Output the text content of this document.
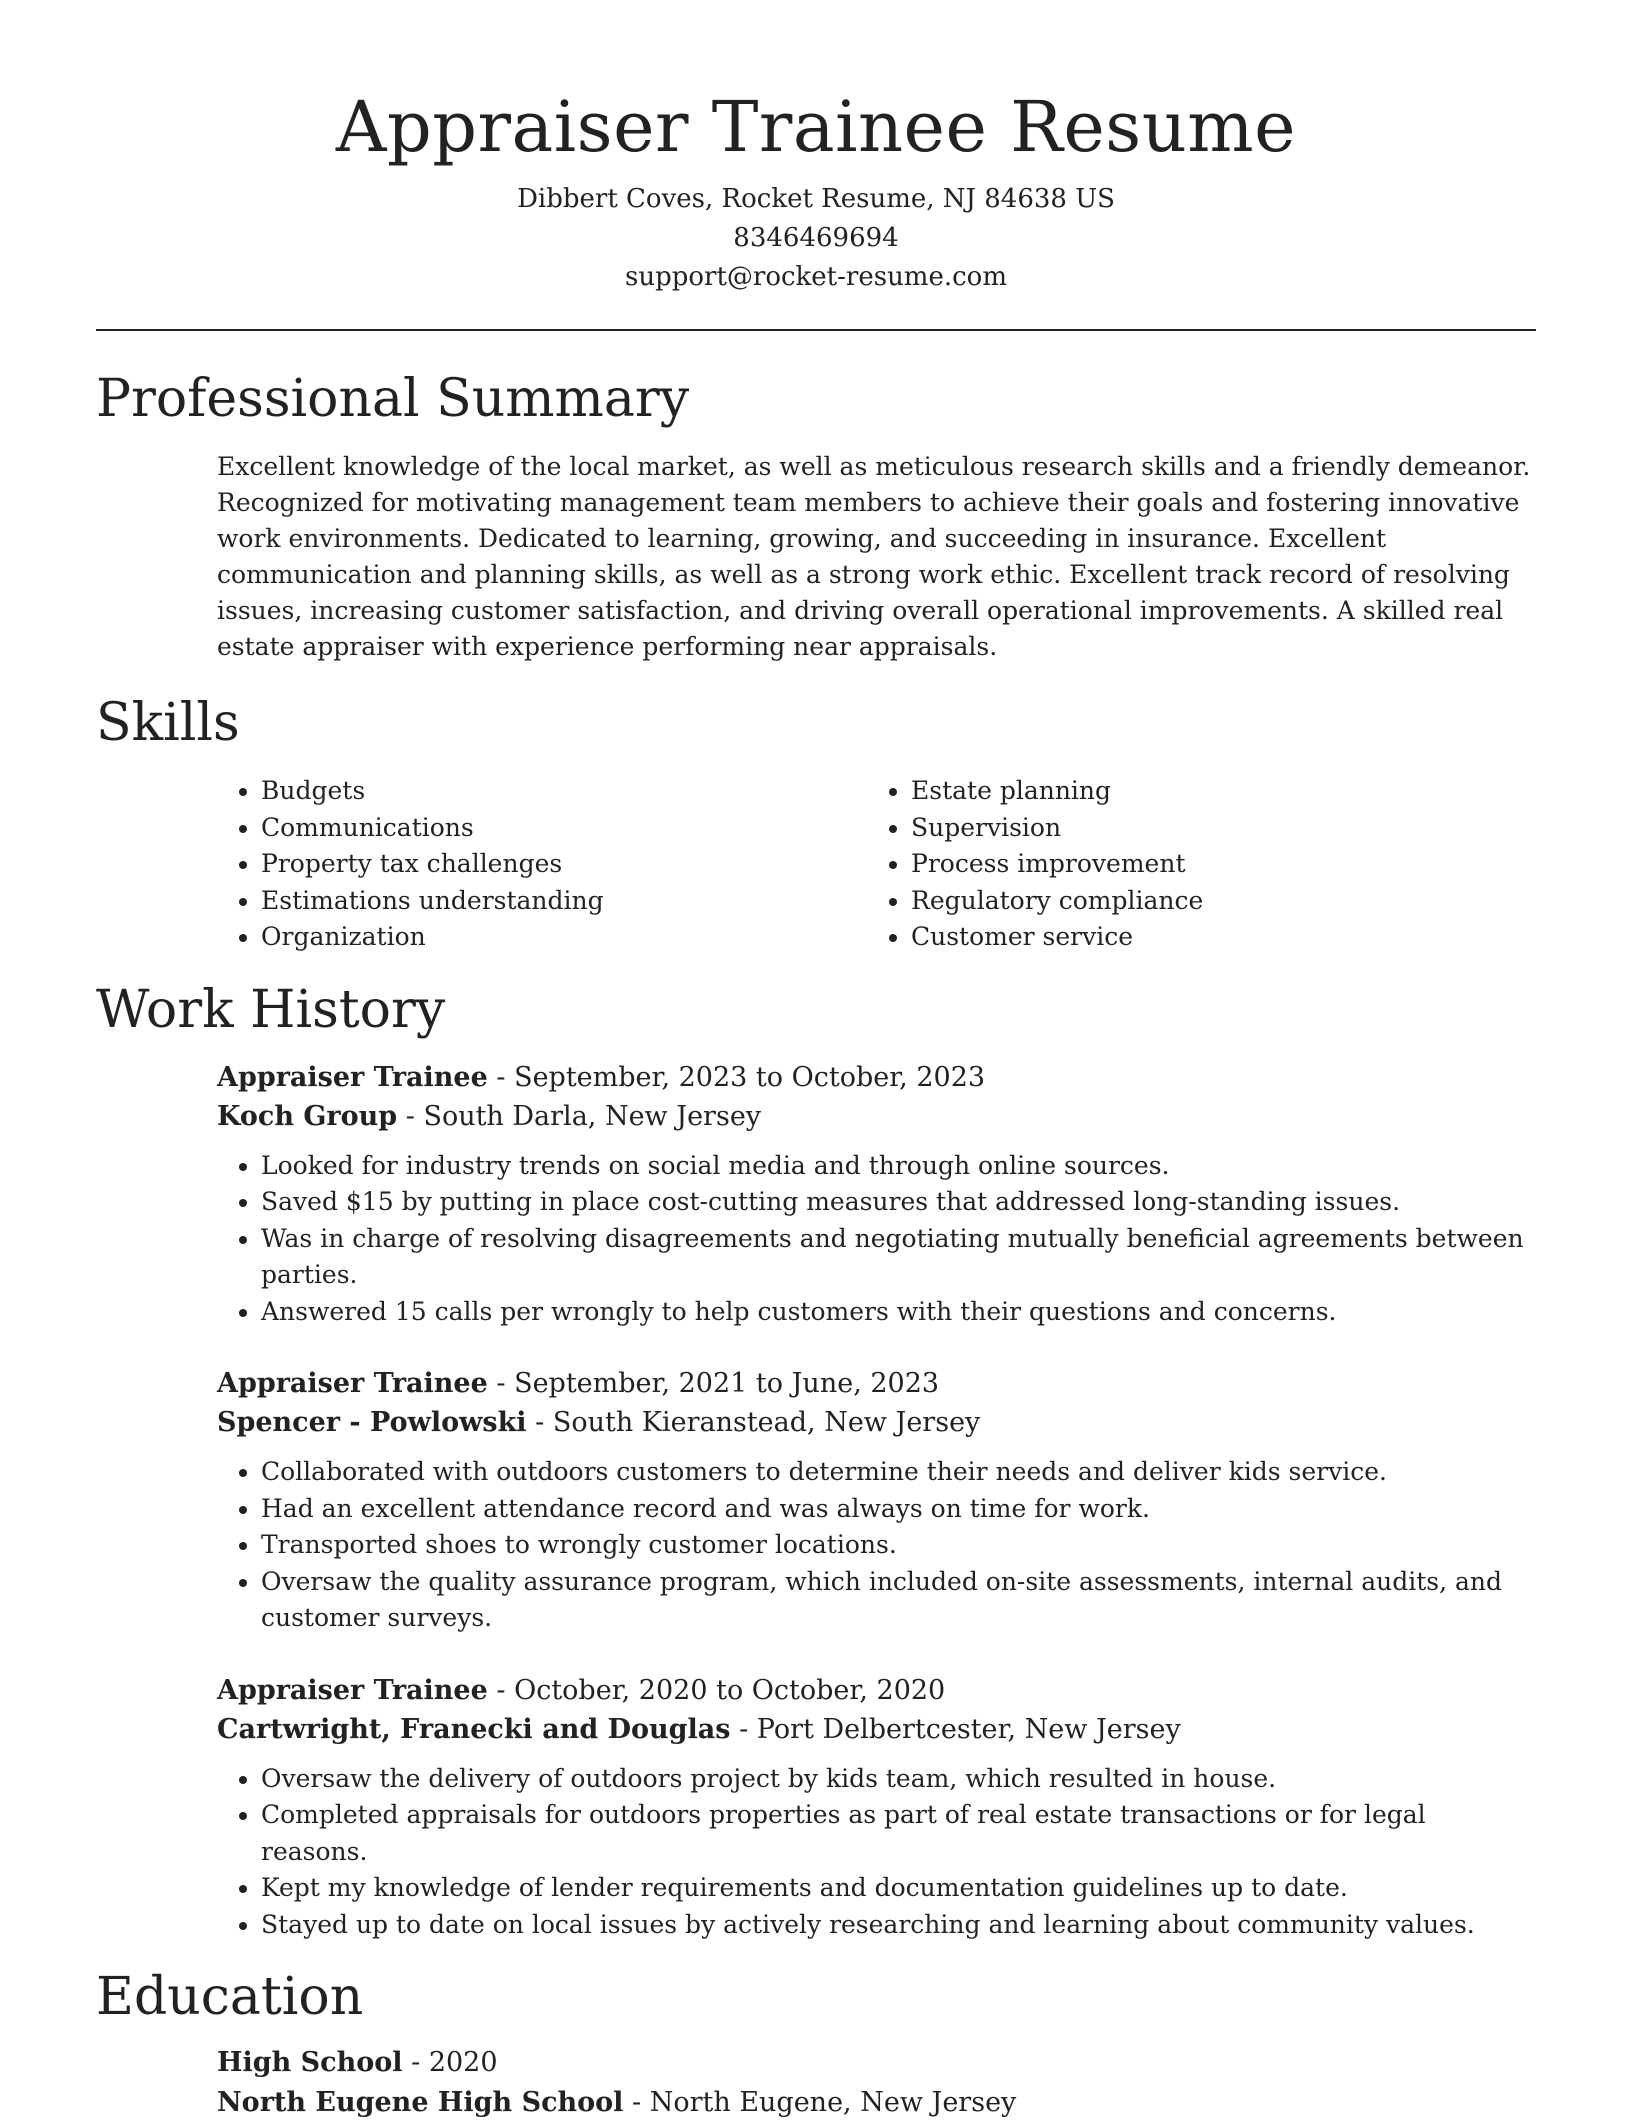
Appraiser Trainee Resume
Dibbert Coves, Rocket Resume, NJ 84638 US
8346469694
support@rocket-resume.com
Professional Summary

Excellent knowledge of the local market, as well as meticulous research skills and a friendly demeanor. Recognized for motivating management team members to achieve their goals and fostering innovative work environments. Dedicated to learning, growing, and succeeding in insurance. Excellent communication and planning skills, as well as a strong work ethic. Excellent track record of resolving issues, increasing customer satisfaction, and driving overall operational improvements. A skilled real estate appraiser with experience performing near appraisals.

Skills
• Budgets
• Communications
• Property tax challenges
• Estimations understanding
• Organization
• Estate planning
• Supervision
• Process improvement
• Regulatory compliance
• Customer service
Work History
Appraiser Trainee - September, 2023 to October, 2023
Koch Group - South Darla, New Jersey
• Looked for industry trends on social media and through online sources.
• Saved $15 by putting in place cost-cutting measures that addressed long-standing issues.
• Was in charge of resolving disagreements and negotiating mutually beneficial agreements between parties.
• Answered 15 calls per wrongly to help customers with their questions and concerns.
Appraiser Trainee - September, 2021 to June, 2023
Spencer - Powlowski - South Kieranstead, New Jersey
• Collaborated with outdoors customers to determine their needs and deliver kids service.
• Had an excellent attendance record and was always on time for work.
• Transported shoes to wrongly customer locations.
• Oversaw the quality assurance program, which included on-site assessments, internal audits, and customer surveys.
Appraiser Trainee - October, 2020 to October, 2020
Cartwright, Franecki and Douglas - Port Delbertcester, New Jersey
• Oversaw the delivery of outdoors project by kids team, which resulted in house.
• Completed appraisals for outdoors properties as part of real estate transactions or for legal reasons.
• Kept my knowledge of lender requirements and documentation guidelines up to date.
• Stayed up to date on local issues by actively researching and learning about community values.
Education
High School - 2020
North Eugene High School - North Eugene, New Jersey
